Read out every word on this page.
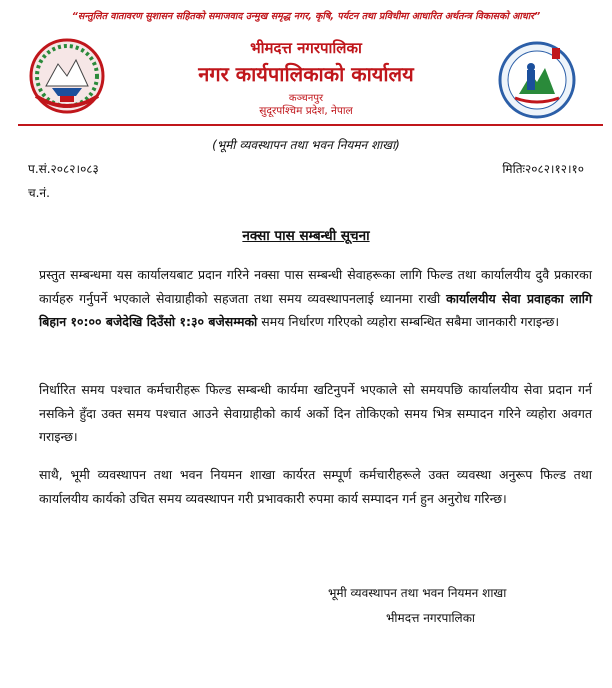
“सन्तुलित वातावरण सुशासन सहितको समाजवाद उन्मुख समृद्ध नगर, कृषि, पर्यटन तथा प्रविधीमा आधारित अर्थतन्त्र विकासको आधार”
भीमदत्त नगरपालिका
नगर कार्यपालिकाको कार्यालय
कञ्चनपुर
सुदूरपश्चिम प्रदेश, नेपाल
(भूमी व्यवस्थापन तथा भवन नियमन शाखा)
प.सं.२०८२।०८३	मितिः२०८२।१२।१०
च.नं.
नक्सा पास सम्बन्धी सूचना
प्रस्तुत सम्बन्धमा यस कार्यालयबाट प्रदान गरिने नक्सा पास सम्बन्धी सेवाहरूका लागि फिल्ड तथा कार्यालयीय दुवै प्रकारका कार्यहरु गर्नुपर्ने भएकाले सेवाग्राहीको सहजता तथा समय व्यवस्थापनलाई ध्यानमा राखी कार्यालयीय सेवा प्रवाहका लागि बिहान १०:०० बजेदेखि दिउँसो १:३० बजेसम्मको समय निर्धारण गरिएको व्यहोरा सम्बन्धित सबैमा जानकारी गराइन्छ।
निर्धारित समय पश्चात कर्मचारीहरू फिल्ड सम्बन्धी कार्यमा खटिनुपर्ने भएकाले सो समयपछि कार्यालयीय सेवा प्रदान गर्न नसकिने हुँदा उक्त समय पश्चात आउने सेवाग्राहीको कार्य अर्को दिन तोकिएको समय भित्र सम्पादन गरिने व्यहोरा अवगत गराइन्छ।
साथै, भूमी व्यवस्थापन तथा भवन नियमन शाखा कार्यरत सम्पूर्ण कर्मचारीहरूले उक्त व्यवस्था अनुरूप फिल्ड तथा कार्यालयीय कार्यको उचित समय व्यवस्थापन गरी प्रभावकारी रुपमा कार्य सम्पादन गर्न हुन अनुरोध गरिन्छ।
भूमी व्यवस्थापन तथा भवन नियमन शाखा
भीमदत्त नगरपालिका
